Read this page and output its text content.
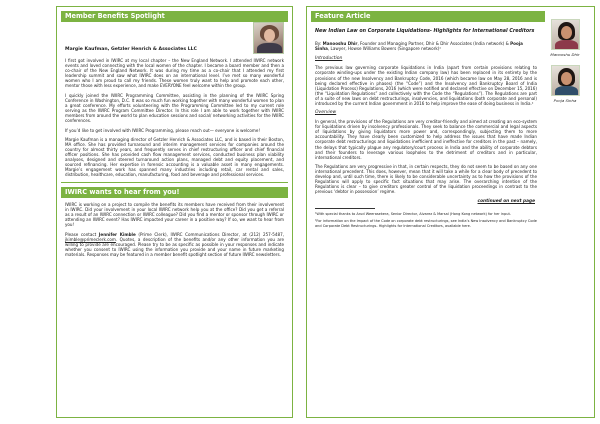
Member Benefits Spotlight
Margie Kaufman, Getzler Henrich & Associates LLC

I first got involved in IWIRC at my local chapter – the New England Network. I attended IWIRC network events and loved connecting with the local women of the chapter. I became a board member and then a co-chair of the New England Network. It was during my time as a co-chair that I attended my first leadership summit and saw what IWIRC does on an international level. I’ve met so many wonderful women who I am proud to call my friends. These women truly want to help and promote each other, mentor those with less experience, and make EVERYONE feel welcome within the group.

I quickly joined the IWIRC Programming Committee, assisting in the planning of the IWIRC Spring Conference in Washington, D.C. It was so much fun working together with many wonderful women to plan a great conference. My efforts volunteering with the Programming Committee led to my current role serving as the IWIRC Program Committee Director. In this role I am able to work together with IWIRC members from around the world to plan education sessions and social/ networking activities for the IWIRC conferences.

If you’d like to get involved with IWIRC Programming, please reach out— everyone is welcome!

Margie Kaufman is a managing director of Getzler Henrich & Associates LLC, and is based in their Boston, MA office. She has provided turnaround and interim management services for companies around the country for almost thirty years, and frequently serves in chief restructuring officer and chief financial officer positions. She has provided cash flow management services, conducted business plan viability analyses, designed and steered turnaround action plans, managed debt and equity placement, and sourced refinancing. Her expertise in forensic accounting is a valuable asset in many engagements. Margie’s engagement work has spanned many industries including retail, car rental and sales, distribution, healthcare, education, manufacturing, food and beverage and professional services.

IWIRC wants to hear from you!

IWIRC is working on a project to compile the benefits its members have received from their involvement in IWIRC. Did your involvement in your local IWIRC network help you at the office? Did you get a referral as a result of an IWIRC connection or IWIRC colleague? Did you find a mentor or sponsor through IWIRC or attending an IWIRC event? Has IWIRC impacted your career in a positive way? If so, we want to hear from you!

Please contact Jennifer Kimble (Prime Clerk), IWIRC Communications Director, at (212) 257-5487, jkimble@primeclerk.com. Quotes, a description of the benefits and/or any other information you are willing to provide are encouraged. Please try to be as specific as possible in your responses and indicate whether you consent to IWIRC using the information you provide and your name in future marketing materials. Responses may be featured in a member benefit spotlight section of future IWIRC newsletters.

Feature Article
New Indian Law on Corporate Liquidations- Highlights for International Creditors
By: Manooshu Dhir, Founder and Managing Partner, Dhir & Dhir Associates (India network) & Pooja Sinha, Lawyer, Howse Williams Bowers (Singapore network)¹
Introduction

The previous law governing corporate liquidations in India (apart from certain provisions relating to corporate winding-ups under the existing Indian company law) has been replaced in its entirety by the provisions of the new Insolvency and Bankruptcy Code, 2016 (which became law on May 28, 2016 and is being declared effective in phases) (the “Code”) and the Insolvency and Bankruptcy Board of India (Liquidation Process) Regulations, 2016 (which were notified and declared effective on December 15, 2016) (the “Liquidation Regulations” and collectively with the Code the “Regulations”). The Regulations are part of a suite of new laws on debt restructurings, insolvencies, and liquidations (both corporate and personal) introduced by the current Indian government in 2016 to help improve the ease of doing business in India.²

Overview

In general, the provisions of the Regulations are very creditor-friendly and aimed at creating an eco-system for liquidations driven by insolvency professionals. They seek to balance the commercial and legal aspects of liquidations by giving liquidators more power and, correspondingly, subjecting them to more accountability. They have clearly been customized to help address the issues that have made Indian corporate debt restructurings and liquidations inefficient and ineffective for creditors in the past – namely, the delays that typically plague any regulatory/court process in India and the ability of corporate debtors and their founders to leverage various loopholes to the detriment of creditors and in particular, international creditors.

The Regulations are very progressive in that, in certain respects, they do not seem to be based on any one international precedent. This does, however, mean that it will take a while for a clear body of precedent to develop and, until such time, there is likely to be considerable uncertainty as to how the provisions of the Regulations will apply to specific fact situations that may arise. The overarching intention of the Regulations is clear – to give creditors greater control of the liquidation proceedings in contrast to the previous ‘debtor in possession’ regime.

continued on next page

¹With special thanks to Arud Weerasekera, Senior Director, Alvarez & Marsal (Hong Kong network) for her input.

²For information on the Impact of the Code on corporate debt restructurings, see India’s New Insolvency and Bankruptcy Code and Corporate Debt Restructurings- Highlights for International Creditors, available here.

Manooshu Dhir
Pooja Sinha
